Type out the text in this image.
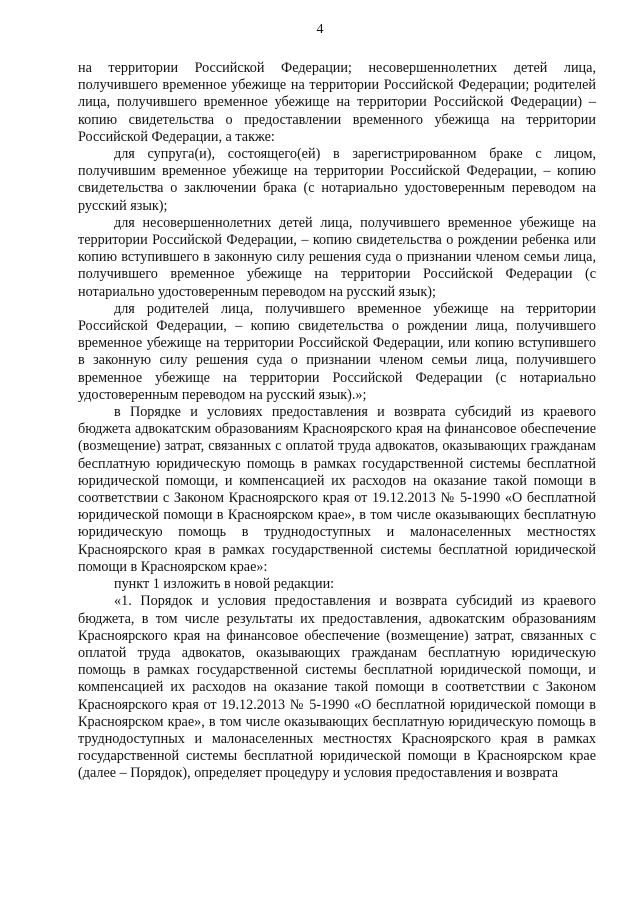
4

на территории Российской Федерации; несовершеннолетних детей лица, получившего временное убежище на территории Российской Федерации; родителей лица, получившего временное убежище на территории Российской Федерации) – копию свидетельства о предоставлении временного убежища на территории Российской Федерации, а также:

для супруга(и), состоящего(ей) в зарегистрированном браке с лицом, получившим временное убежище на территории Российской Федерации, – копию свидетельства о заключении брака (с нотариально удостоверенным переводом на русский язык);

для несовершеннолетних детей лица, получившего временное убежище на территории Российской Федерации, – копию свидетельства о рождении ребенка или копию вступившего в законную силу решения суда о признании членом семьи лица, получившего временное убежище на территории Российской Федерации (с нотариально удостоверенным переводом на русский язык);

для родителей лица, получившего временное убежище на территории Российской Федерации, – копию свидетельства о рождении лица, получившего временное убежище на территории Российской Федерации, или копию вступившего в законную силу решения суда о признании членом семьи лица, получившего временное убежище на территории Российской Федерации (с нотариально удостоверенным переводом на русский язык).»;

в Порядке и условиях предоставления и возврата субсидий из краевого бюджета адвокатским образованиям Красноярского края на финансовое обеспечение (возмещение) затрат, связанных с оплатой труда адвокатов, оказывающих гражданам бесплатную юридическую помощь в рамках государственной системы бесплатной юридической помощи, и компенсацией их расходов на оказание такой помощи в соответствии с Законом Красноярского края от 19.12.2013 № 5-1990 «О бесплатной юридической помощи в Красноярском крае», в том числе оказывающих бесплатную юридическую помощь в труднодоступных и малонаселенных местностях Красноярского края в рамках государственной системы бесплатной юридической помощи в Красноярском крае»:

пункт 1 изложить в новой редакции:

«1. Порядок и условия предоставления и возврата субсидий из краевого бюджета, в том числе результаты их предоставления, адвокатским образованиям Красноярского края на финансовое обеспечение (возмещение) затрат, связанных с оплатой труда адвокатов, оказывающих гражданам бесплатную юридическую помощь в рамках государственной системы бесплатной юридической помощи, и компенсацией их расходов на оказание такой помощи в соответствии с Законом Красноярского края от 19.12.2013 № 5-1990 «О бесплатной юридической помощи в Красноярском крае», в том числе оказывающих бесплатную юридическую помощь в труднодоступных и малонаселенных местностях Красноярского края в рамках государственной системы бесплатной юридической помощи в Красноярском крае (далее – Порядок), определяет процедуру и условия предоставления и возврата
